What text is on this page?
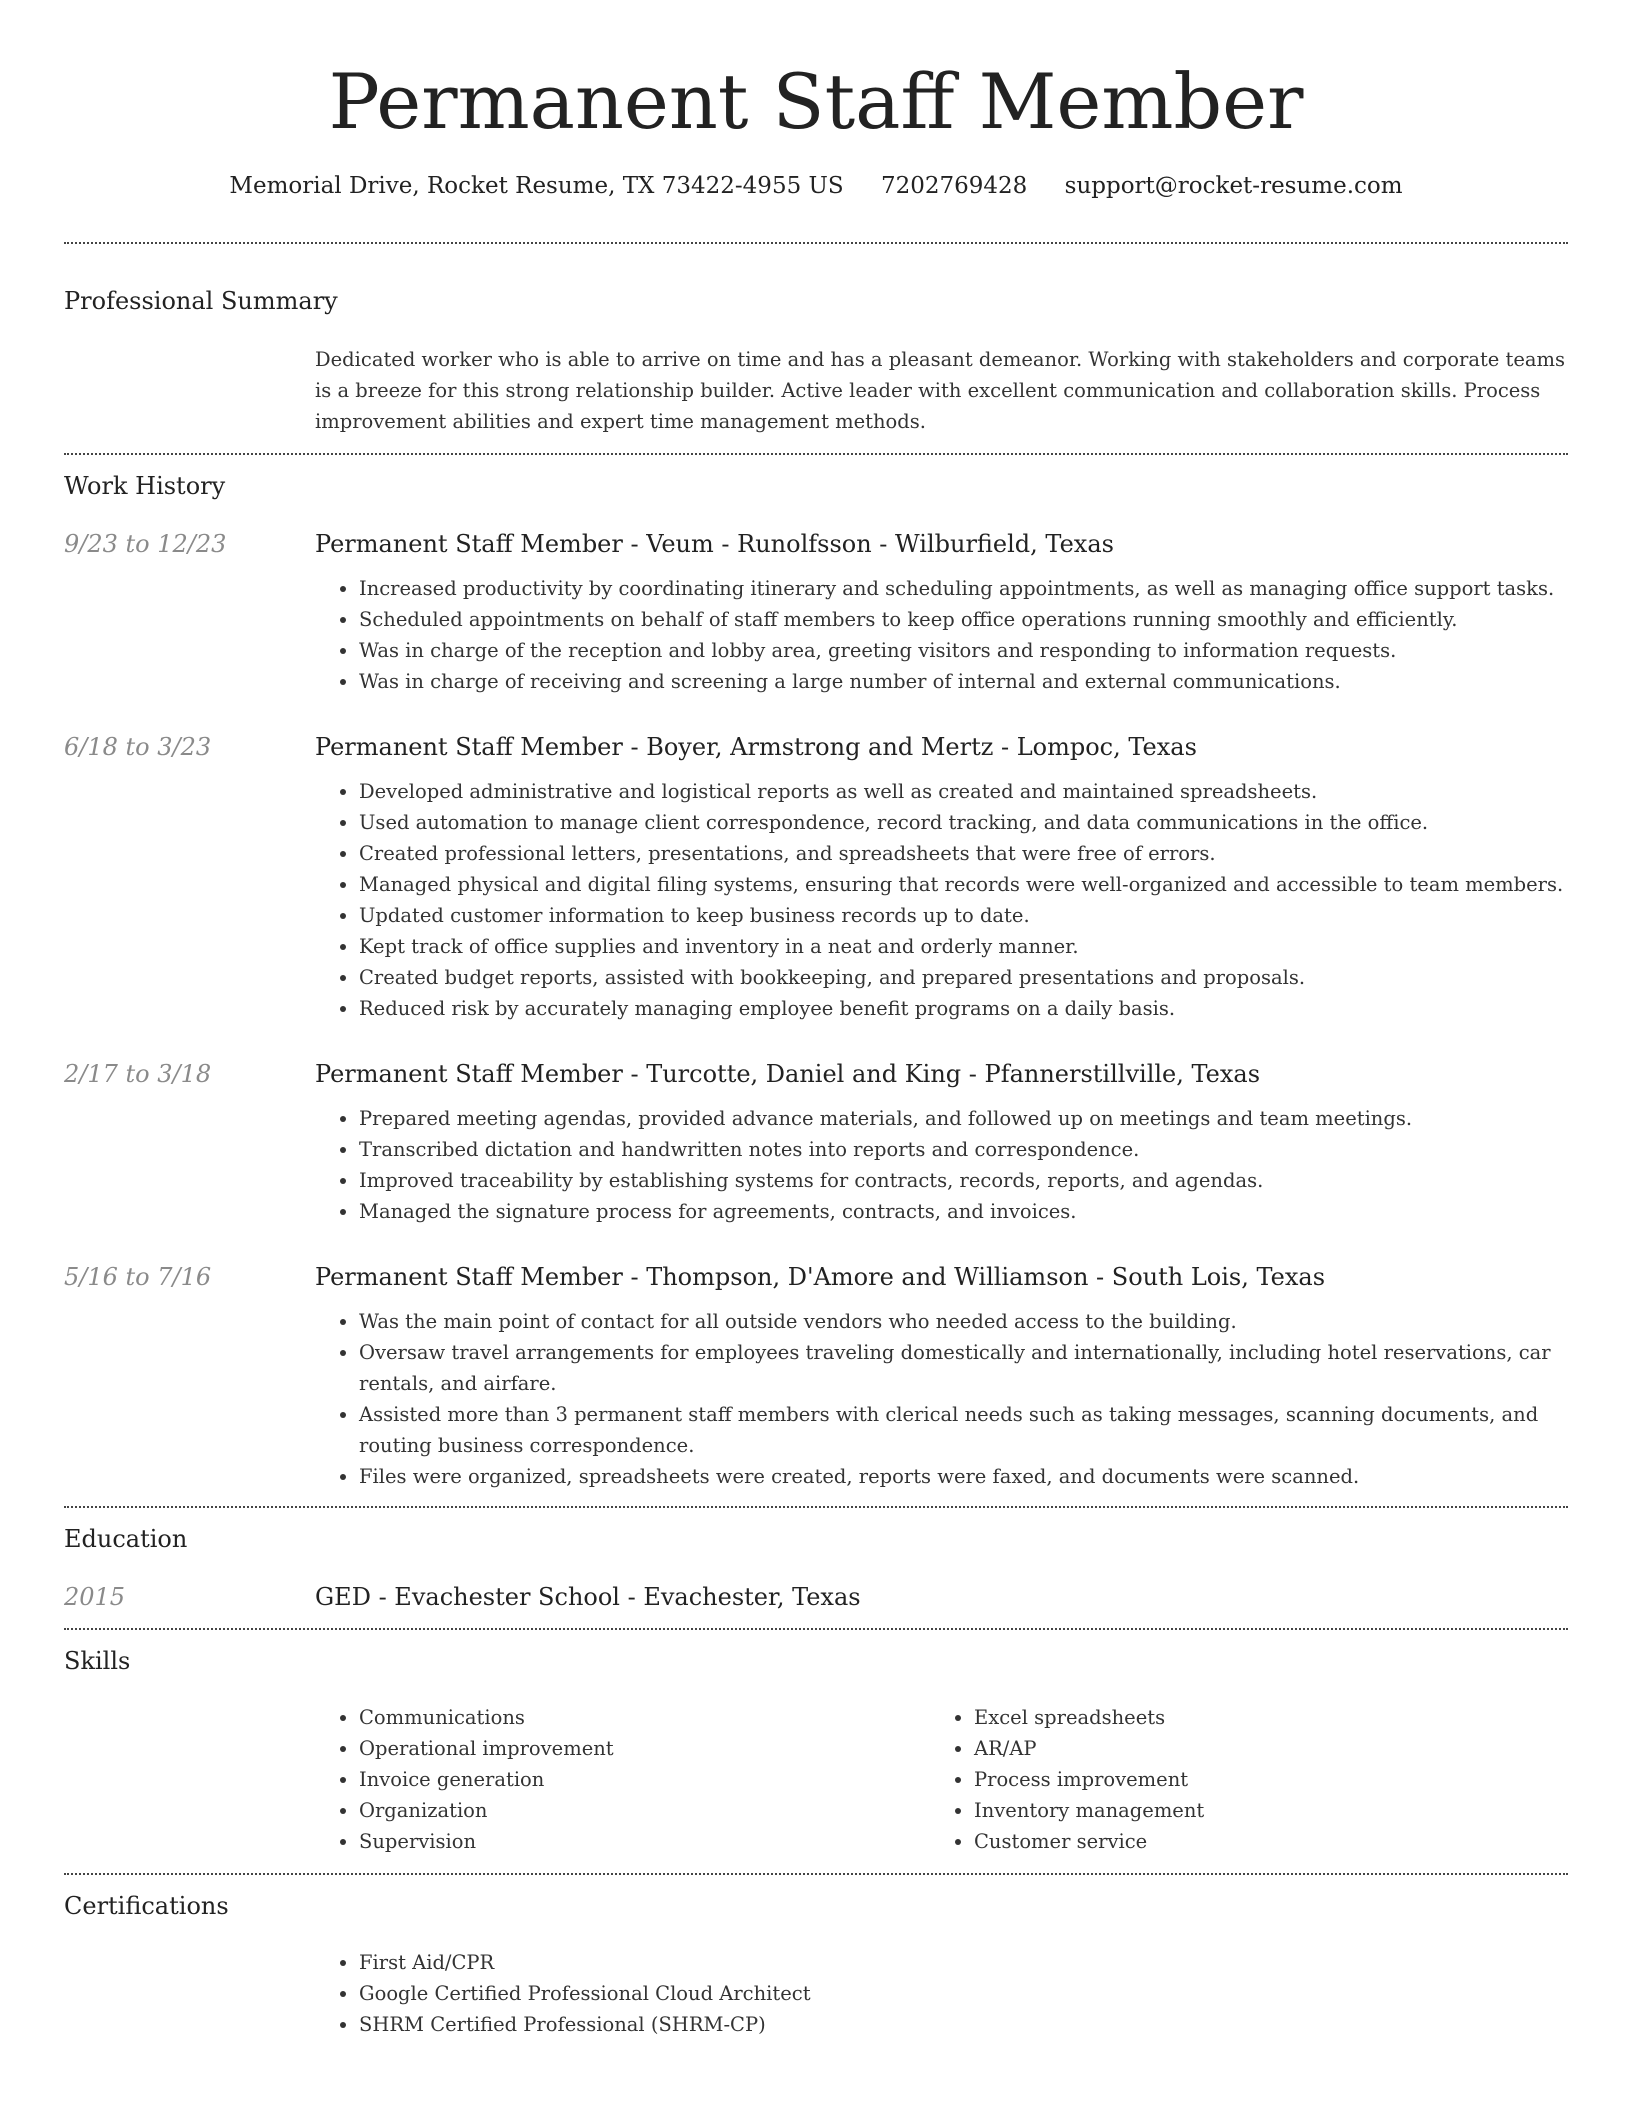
Permanent Staff Member
Memorial Drive, Rocket Resume, TX 73422-4955 US 7202769428 support@rocket-resume.com
Professional Summary

Dedicated worker who is able to arrive on time and has a pleasant demeanor. Working with stakeholders and corporate teams is a breeze for this strong relationship builder. Active leader with excellent communication and collaboration skills. Process improvement abilities and expert time management methods.

Work History
9/23 to 12/23	Permanent Staff Member - Veum - Runolfsson - Wilburfield, Texas
• Increased productivity by coordinating itinerary and scheduling appointments, as well as managing office support tasks.
• Scheduled appointments on behalf of staff members to keep office operations running smoothly and efficiently.
• Was in charge of the reception and lobby area, greeting visitors and responding to information requests.
• Was in charge of receiving and screening a large number of internal and external communications.
6/18 to 3/23	Permanent Staff Member - Boyer, Armstrong and Mertz - Lompoc, Texas
• Developed administrative and logistical reports as well as created and maintained spreadsheets.
• Used automation to manage client correspondence, record tracking, and data communications in the office.
• Created professional letters, presentations, and spreadsheets that were free of errors.
• Managed physical and digital filing systems, ensuring that records were well-organized and accessible to team members.
• Updated customer information to keep business records up to date.
• Kept track of office supplies and inventory in a neat and orderly manner.
• Created budget reports, assisted with bookkeeping, and prepared presentations and proposals.
• Reduced risk by accurately managing employee benefit programs on a daily basis.
2/17 to 3/18	Permanent Staff Member - Turcotte, Daniel and King - Pfannerstillville, Texas
• Prepared meeting agendas, provided advance materials, and followed up on meetings and team meetings.
• Transcribed dictation and handwritten notes into reports and correspondence.
• Improved traceability by establishing systems for contracts, records, reports, and agendas.
• Managed the signature process for agreements, contracts, and invoices.
5/16 to 7/16	Permanent Staff Member - Thompson, D'Amore and Williamson - South Lois, Texas
• Was the main point of contact for all outside vendors who needed access to the building.
• Oversaw travel arrangements for employees traveling domestically and internationally, including hotel reservations, car rentals, and airfare.
• Assisted more than 3 permanent staff members with clerical needs such as taking messages, scanning documents, and routing business correspondence.
• Files were organized, spreadsheets were created, reports were faxed, and documents were scanned.
Education
2015	GED - Evachester School - Evachester, Texas
Skills
• Communications
• Operational improvement
• Invoice generation
• Organization
• Supervision
• Excel spreadsheets
• AR/AP
• Process improvement
• Inventory management
• Customer service
Certifications
• First Aid/CPR
• Google Certified Professional Cloud Architect
• SHRM Certified Professional (SHRM-CP)
